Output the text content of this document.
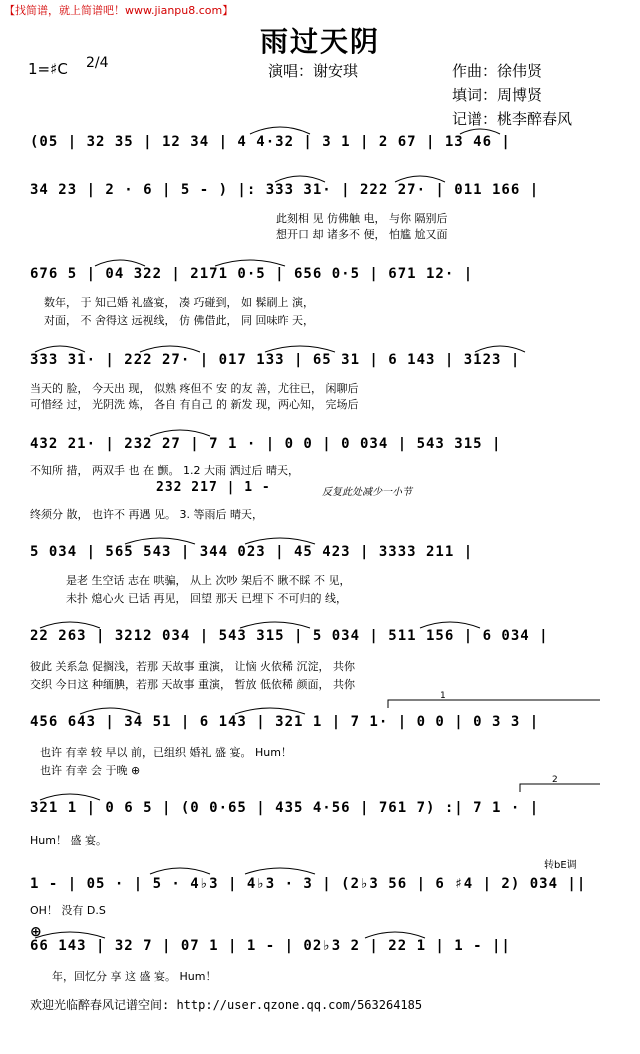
【找简谱，就上简谱吧！www.jianpu8.com】
雨过天阴
1=♯C 2/4	演唱：谢安琪	作曲：徐伟贤
填词：周博贤
记谱：桃李醉春风
(05 | 32 35 | 12 34 | 4 4·32 | 3 1 | 2 67 | 13 46 |
34 23 | 2 · 6 | 5 - ) |: 333 31· | 222 27· | 011 166 |
此刻相 见 仿佛触 电， 与你 隔别后
想开口 却 诸多不 便， 怕尴 尬又面
676 5 | 04 322 | 2171 0·5 | 656 0·5 | 671 12· |
数年， 于 知己婚 礼盛宴， 凑 巧碰到， 如 髹刷上 演，
对面， 不 舍得这 远视线， 仿 佛借此， 同 回味昨 天，
333 31· | 222 27· | 017 133 | 65 31 | 6 143 | 3123 |
当天的 脸， 今天出 现， 似熟 疼但不 安 的友 善，尤往已， 闲聊后
可惜经 过， 光阴洗 炼， 各自 有自己 的 新发 现，两心知， 完场后
432 21· | 232 27 | 7 1 · | 0 0 | 0 034 | 543 315 |
不知所 措， 两双手 也 在 颤。 1.2 大雨 洒过后 晴天，
232 217 | 1 -	反复此处减少一小节
终须分 散， 也许不 再遇 见。 3. 等雨后 晴天，
5 034 | 565 543 | 344 023 | 45 423 | 3333 211 |
是老 生空话 志在 哄骗， 从上 次吵 架后不 瞅不睬 不 见，
未扑 熄心火 已话 再见， 回望 那天 已埋下 不可归的 线，
22 263 | 3212 034 | 543 315 | 5 034 | 511 156 | 6 034 |
彼此 关系急 促搁浅，若那 天故事 重演， 让恼 火依稀 沉淀， 共你
交织 今日这 种缅腆，若那 天故事 重演， 暂放 低依稀 颜面， 共你
456 643 | 34 51 | 6 143 | 321 1 | 7 1· | 0 0 | 0 3 3 |
也许 有幸 较 早以 前，已组织 婚礼 盛 宴。 Hum！
也许 有幸 会 于晚 ⊕
321 1 | 0 6 5 | (0 0·65 | 435 4·56 | 761 7) :| 7 1 · |
Hum！ 盛 宴。
转bE调
1 - | 05 · | 5 · 4♭3 | 4♭3 · 3 | (2♭3 56 | 6 ♯4 | 2) 034 ||
OH！ 没有 D.S
⊕
66 143 | 32 7 | 07 1 | 1 - | 02♭3 2 | 22 1 | 1 - ||
年，回忆分 享 这 盛 宴。 Hum！
欢迎光临醉春风记谱空间: http://user.qzone.qq.com/563264185
1
2
